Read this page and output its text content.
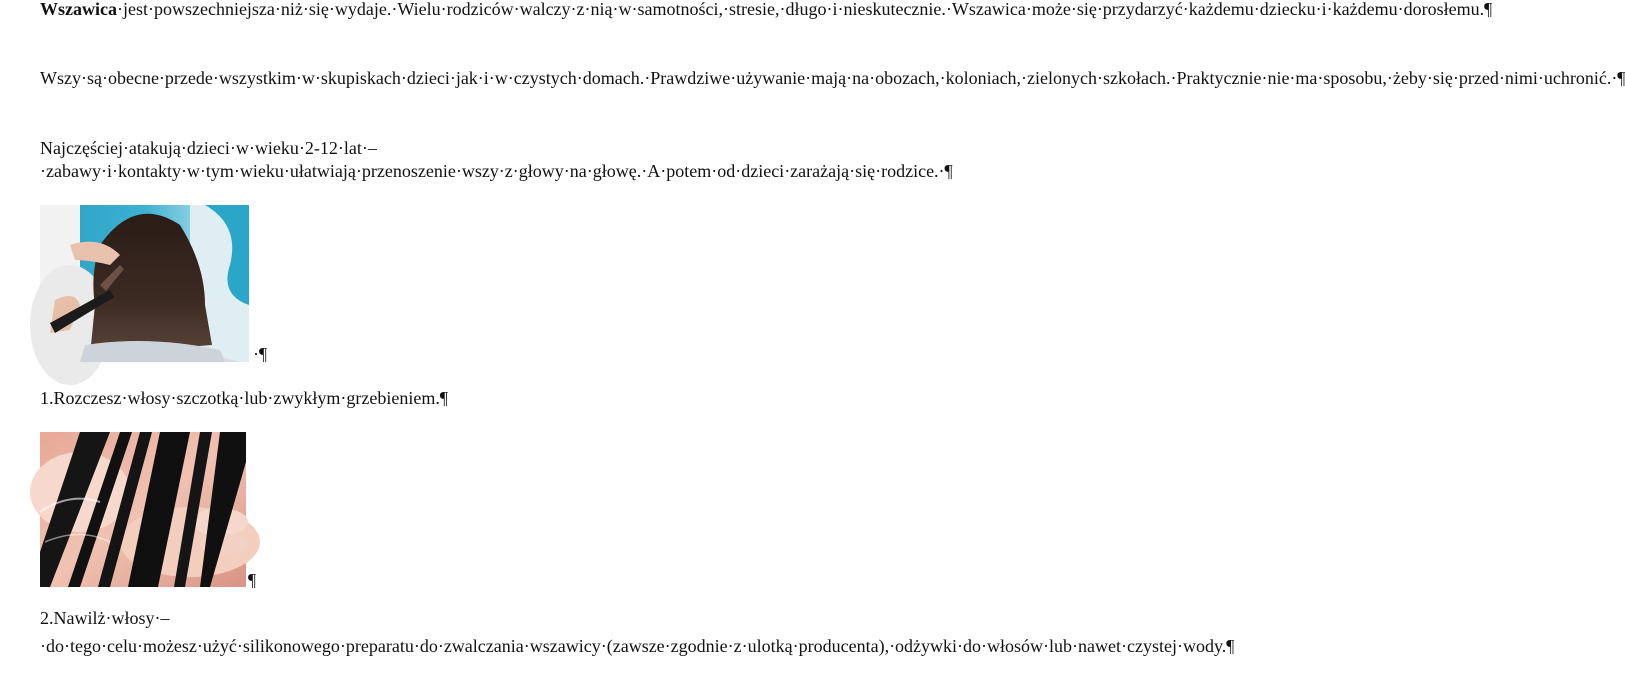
Wszawica·jest·powszechniejsza·niż·się·wydaje.·Wielu·rodziców·walczy·z·nią·w·samotności,·stresie,·długo·i·nieskutecznie.·Wszawica·może·się·przydarzyć·każdemu·dziecku·i·każdemu·dorosłemu.¶

Wszy·są·obecne·przede·wszystkim·w·skupiskach·dzieci·jak·i·w·czystych·domach.·Prawdziwe·używanie·mają·na·obozach,·koloniach,·zielonych·szkołach.·Praktycznie·nie·ma·sposobu,·żeby·się·przed·nimi·uchronić.·¶

Najczęściej·atakują·dzieci·w·wieku·2-12·lat·–·zabawy·i·kontakty·w·tym·wieku·ułatwiają·przenoszenie·wszy·z·głowy·na·głowę.·A·potem·od·dzieci·zarażają·się·rodzice.·¶

·¶

1.Rozczesz·włosy·szczotką·lub·zwykłym·grzebieniem.¶

¶

2.Nawilż·włosy·–·do·tego·celu·możesz·użyć·silikonowego·preparatu·do·zwalczania·wszawicy·(zawsze·zgodnie·z·ulotką·producenta),·odżywki·do·włosów·lub·nawet·czystej·wody.¶
